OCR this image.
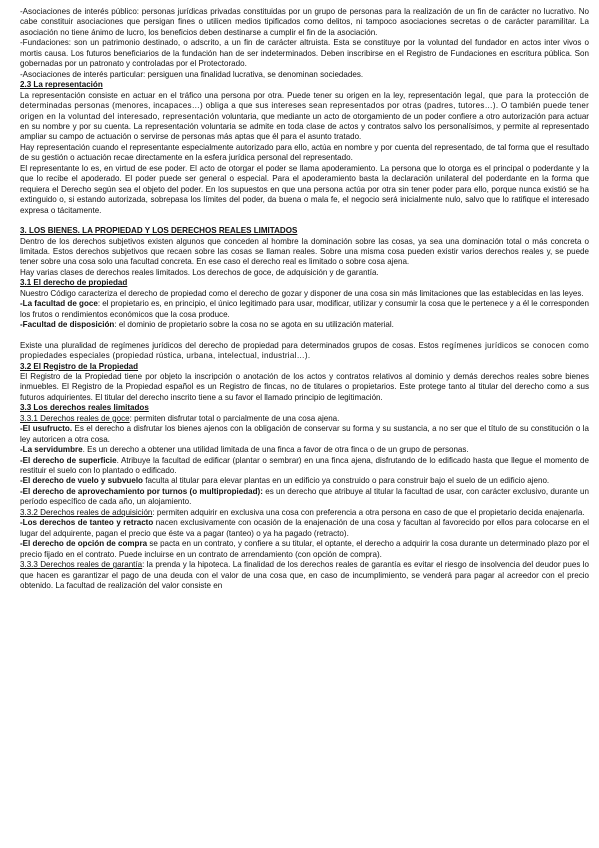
-Asociaciones de interés público: personas jurídicas privadas constituidas por un grupo de personas para la realización de un fin de carácter no lucrativo. No cabe constituir asociaciones que persigan fines o utilicen medios tipificados como delitos, ni tampoco asociaciones secretas o de carácter paramilitar. La asociación no tiene ánimo de lucro, los beneficios deben destinarse a cumplir el fin de la asociación.

-Fundaciones: son un patrimonio destinado, o adscrito, a un fin de carácter altruista. Esta se constituye por la voluntad del fundador en actos inter vivos o mortis causa. Los futuros beneficiarios de la fundación han de ser indeterminados. Deben inscribirse en el Registro de Fundaciones en escritura pública. Son gobernadas por un patronato y controladas por el Protectorado.

-Asociaciones de interés particular: persiguen una finalidad lucrativa, se denominan sociedades.

2.3 La representación

La representación consiste en actuar en el tráfico una persona por otra. Puede tener su origen en la ley, representación legal, que para la protección de determinadas personas (menores, incapaces…) obliga a que sus intereses sean representados por otras (padres, tutores…). O también puede tener origen en la voluntad del interesado, representación voluntaria, que mediante un acto de otorgamiento de un poder confiere a otro autorización para actuar en su nombre y por su cuenta. La representación voluntaria se admite en toda clase de actos y contratos salvo los personalísimos, y permite al representado ampliar su campo de actuación o servirse de personas más aptas que él para el asunto tratado.

Hay representación cuando el representante especialmente autorizado para ello, actúa en nombre y por cuenta del representado, de tal forma que el resultado de su gestión o actuación recae directamente en la esfera jurídica personal del representado.

El representante lo es, en virtud de ese poder. El acto de otorgar el poder se llama apoderamiento. La persona que lo otorga es el principal o poderdante y la que lo recibe el apoderado. El poder puede ser general o especial. Para el apoderamiento basta la declaración unilateral del poderdante en la forma que requiera el Derecho según sea el objeto del poder. En los supuestos en que una persona actúa por otra sin tener poder para ello, porque nunca existió se ha extinguido o, si estando autorizada, sobrepasa los límites del poder, da buena o mala fe, el negocio será inicialmente nulo, salvo que lo ratifique el interesado expresa o tácitamente.

3. LOS BIENES. LA PROPIEDAD Y LOS DERECHOS REALES LIMITADOS

Dentro de los derechos subjetivos existen algunos que conceden al hombre la dominación sobre las cosas, ya sea una dominación total o más concreta o limitada. Estos derechos subjetivos que recaen sobre las cosas se llaman reales. Sobre una misma cosa pueden existir varios derechos reales y, se puede tener sobre una cosa solo una facultad concreta. En ese caso el derecho real es limitado o sobre cosa ajena.

Hay varias clases de derechos reales limitados. Los derechos de goce, de adquisición y de garantía.

3.1 El derecho de propiedad

Nuestro Código caracteriza el derecho de propiedad como el derecho de gozar y disponer de una cosa sin más limitaciones que las establecidas en las leyes.

-La facultad de goce: el propietario es, en principio, el único legitimado para usar, modificar, utilizar y consumir la cosa que le pertenece y a él le corresponden los frutos o rendimientos económicos que la cosa produce.

-Facultad de disposición: el dominio de propietario sobre la cosa no se agota en su utilización material.

Existe una pluralidad de regímenes jurídicos del derecho de propiedad para determinados grupos de cosas. Estos regímenes jurídicos se conocen como propiedades especiales (propiedad rústica, urbana, intelectual, industrial…).

3.2 El Registro de la Propiedad

El Registro de la Propiedad tiene por objeto la inscripción o anotación de los actos y contratos relativos al dominio y demás derechos reales sobre bienes inmuebles. El Registro de la Propiedad español es un Registro de fincas, no de titulares o propietarios. Este protege tanto al titular del derecho como a sus futuros adquirientes. El titular del derecho inscrito tiene a su favor el llamado principio de legitimación.

3.3 Los derechos reales limitados

3.3.1 Derechos reales de goce: permiten disfrutar total o parcialmente de una cosa ajena.

-El usufructo. Es el derecho a disfrutar los bienes ajenos con la obligación de conservar su forma y su sustancia, a no ser que el título de su constitución o la ley autoricen a otra cosa.

-La servidumbre. Es un derecho a obtener una utilidad limitada de una finca a favor de otra finca o de un grupo de personas.

-El derecho de superficie. Atribuye la facultad de edificar (plantar o sembrar) en una finca ajena, disfrutando de lo edificado hasta que llegue el momento de restituir el suelo con lo plantado o edificado.

-El derecho de vuelo y subvuelo faculta al titular para elevar plantas en un edificio ya construido o para construir bajo el suelo de un edificio ajeno.

-El derecho de aprovechamiento por turnos (o multipropiedad): es un derecho que atribuye al titular la facultad de usar, con carácter exclusivo, durante un período específico de cada año, un alojamiento.

3.3.2 Derechos reales de adquisición: permiten adquirir en exclusiva una cosa con preferencia a otra persona en caso de que el propietario decida enajenarla.

-Los derechos de tanteo y retracto nacen exclusivamente con ocasión de la enajenación de una cosa y facultan al favorecido por ellos para colocarse en el lugar del adquirente, pagan el precio que éste va a pagar (tanteo) o ya ha pagado (retracto).

-El derecho de opción de compra se pacta en un contrato, y confiere a su titular, el optante, el derecho a adquirir la cosa durante un determinado plazo por el precio fijado en el contrato. Puede incluirse en un contrato de arrendamiento (con opción de compra).

3.3.3 Derechos reales de garantía: la prenda y la hipoteca. La finalidad de los derechos reales de garantía es evitar el riesgo de insolvencia del deudor pues lo que hacen es garantizar el pago de una deuda con el valor de una cosa que, en caso de incumplimiento, se venderá para pagar al acreedor con el precio obtenido. La facultad de realización del valor consiste en
